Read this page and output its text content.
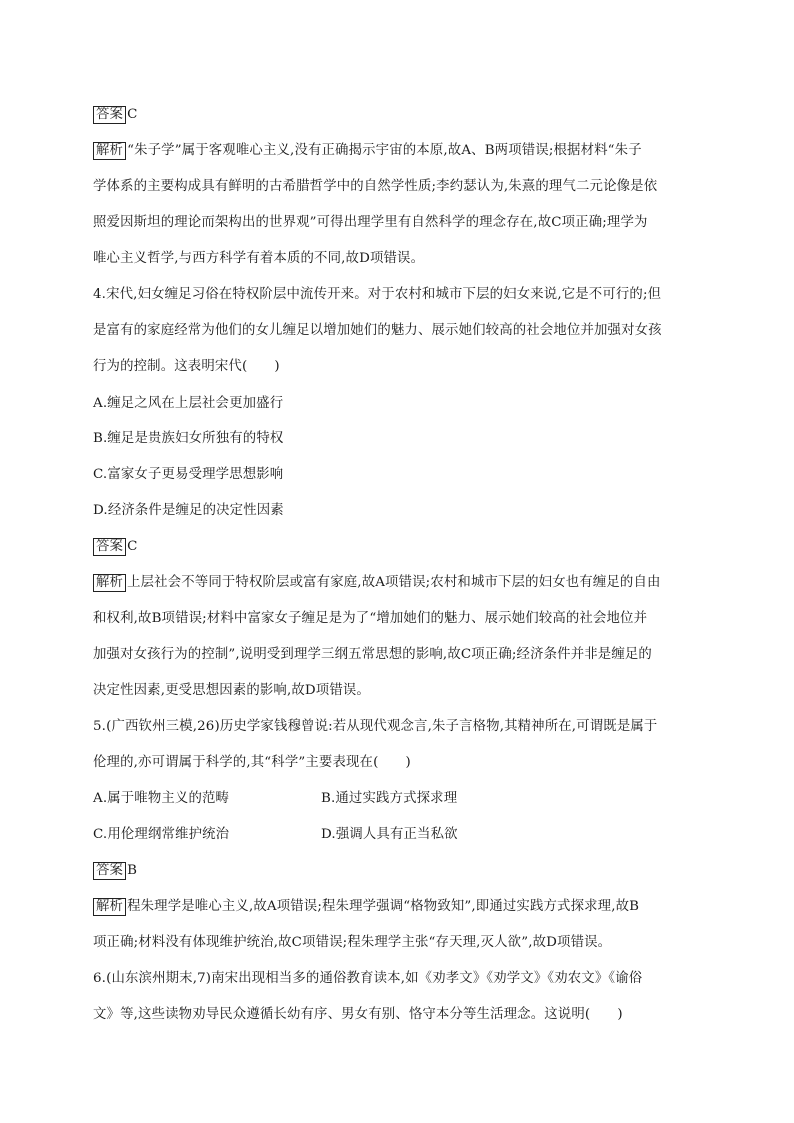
答案 C
解析 “朱子学”属于客观唯心主义,没有正确揭示宇宙的本原,故A、B两项错误;根据材料“朱子
学体系的主要构成具有鲜明的古希腊哲学中的自然学性质;李约瑟认为,朱熹的理气二元论像是依
照爱因斯坦的理论而架构出的世界观”可得出理学里有自然科学的理念存在,故C项正确;理学为
唯心主义哲学,与西方科学有着本质的不同,故D项错误。
4.宋代,妇女缠足习俗在特权阶层中流传开来。对于农村和城市下层的妇女来说,它是不可行的;但
是富有的家庭经常为他们的女儿缠足以增加她们的魅力、展示她们较高的社会地位并加强对女孩
行为的控制。这表明宋代(　　)
A.缠足之风在上层社会更加盛行
B.缠足是贵族妇女所独有的特权
C.富家女子更易受理学思想影响
D.经济条件是缠足的决定性因素
答案 C
解析 上层社会不等同于特权阶层或富有家庭,故A项错误;农村和城市下层的妇女也有缠足的自由
和权利,故B项错误;材料中富家女子缠足是为了“增加她们的魅力、展示她们较高的社会地位并
加强对女孩行为的控制”,说明受到理学三纲五常思想的影响,故C项正确;经济条件并非是缠足的
决定性因素,更受思想因素的影响,故D项错误。
5.(广西钦州三模,26)历史学家钱穆曾说:若从现代观念言,朱子言格物,其精神所在,可谓既是属于
伦理的,亦可谓属于科学的,其“科学”主要表现在(　　)
A.属于唯物主义的范畴	B.通过实践方式探求理
C.用伦理纲常维护统治	D.强调人具有正当私欲
答案 B
解析 程朱理学是唯心主义,故A项错误;程朱理学强调“格物致知”,即通过实践方式探求理,故B
项正确;材料没有体现维护统治,故C项错误;程朱理学主张“存天理,灭人欲”,故D项错误。
6.(山东滨州期末,7)南宋出现相当多的通俗教育读本,如《劝孝文》《劝学文》《劝农文》《谕俗
文》等,这些读物劝导民众遵循长幼有序、男女有别、恪守本分等生活理念。这说明(　　)
